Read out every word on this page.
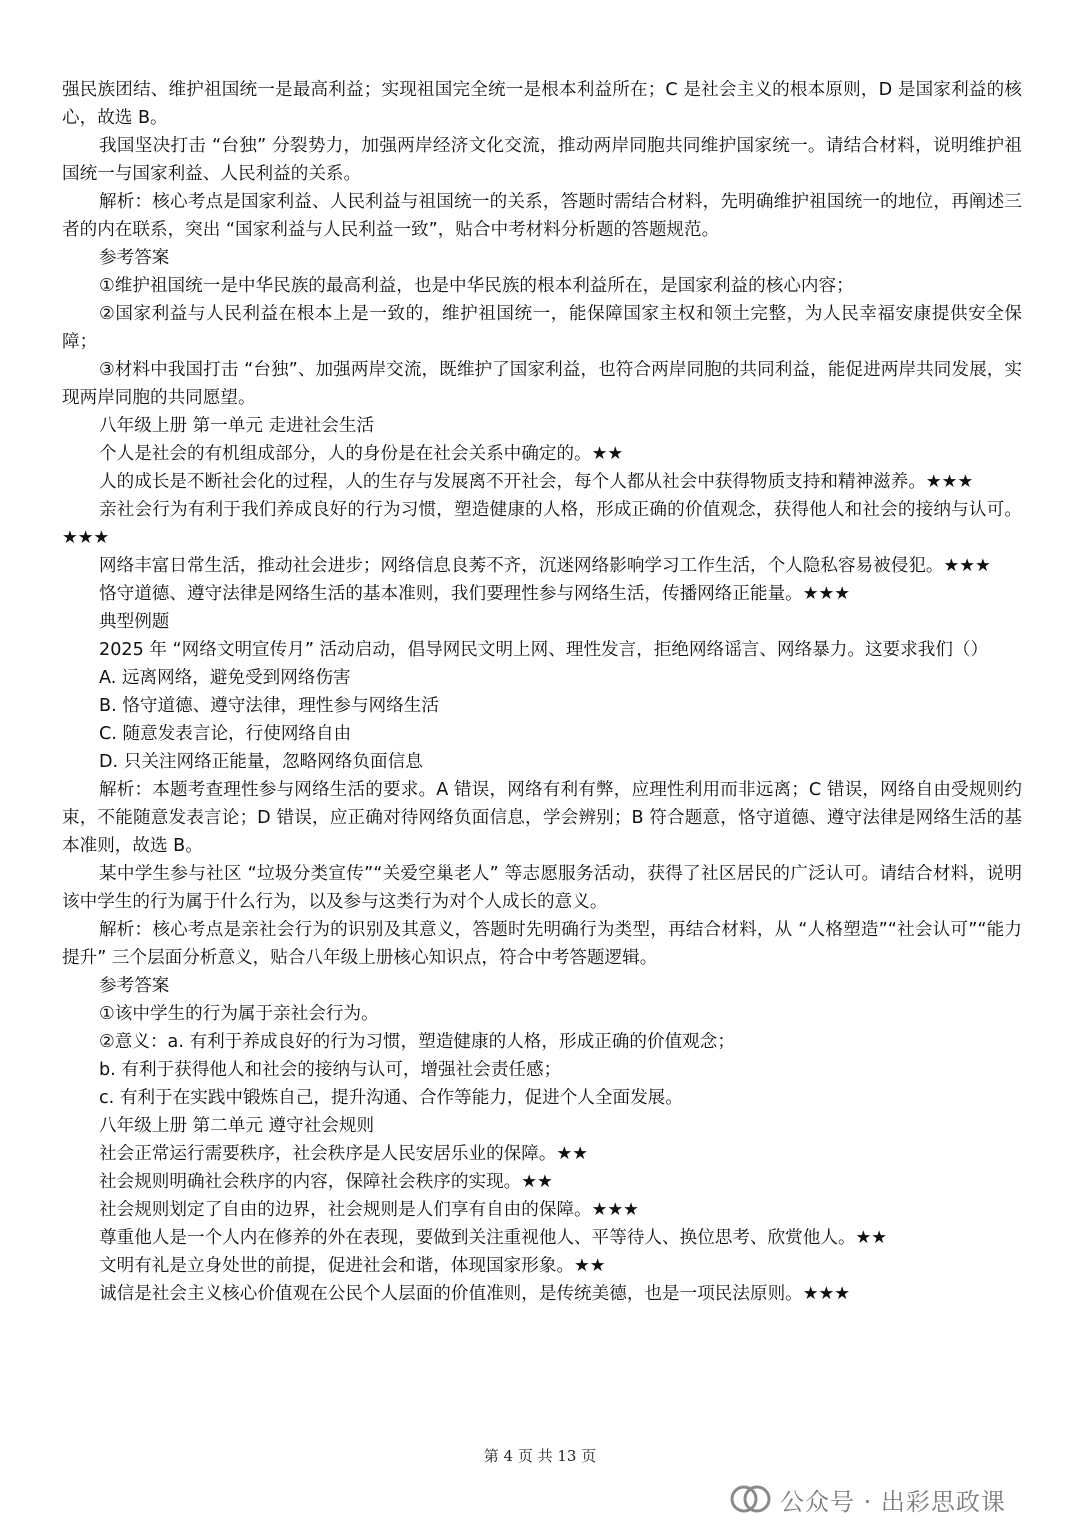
强民族团结、维护祖国统一是最高利益；实现祖国完全统一是根本利益所在；C 是社会主义的根本原则，D 是国家利益的核心，故选 B。

我国坚决打击 “台独” 分裂势力，加强两岸经济文化交流，推动两岸同胞共同维护国家统一。请结合材料，说明维护祖国统一与国家利益、人民利益的关系。

解析：核心考点是国家利益、人民利益与祖国统一的关系，答题时需结合材料，先明确维护祖国统一的地位，再阐述三者的内在联系，突出 “国家利益与人民利益一致”，贴合中考材料分析题的答题规范。

参考答案

①维护祖国统一是中华民族的最高利益，也是中华民族的根本利益所在，是国家利益的核心内容；

②国家利益与人民利益在根本上是一致的，维护祖国统一，能保障国家主权和领土完整，为人民幸福安康提供安全保障；

③材料中我国打击 “台独”、加强两岸交流，既维护了国家利益，也符合两岸同胞的共同利益，能促进两岸共同发展，实现两岸同胞的共同愿望。

八年级上册 第一单元 走进社会生活

个人是社会的有机组成部分，人的身份是在社会关系中确定的。★★

人的成长是不断社会化的过程，人的生存与发展离不开社会，每个人都从社会中获得物质支持和精神滋养。★★★

亲社会行为有利于我们养成良好的行为习惯，塑造健康的人格，形成正确的价值观念，获得他人和社会的接纳与认可。★★★

网络丰富日常生活，推动社会进步；网络信息良莠不齐，沉迷网络影响学习工作生活，个人隐私容易被侵犯。★★★

恪守道德、遵守法律是网络生活的基本准则，我们要理性参与网络生活，传播网络正能量。★★★

典型例题

2025 年 “网络文明宣传月” 活动启动，倡导网民文明上网、理性发言，拒绝网络谣言、网络暴力。这要求我们（）

A. 远离网络，避免受到网络伤害

B. 恪守道德、遵守法律，理性参与网络生活

C. 随意发表言论，行使网络自由

D. 只关注网络正能量，忽略网络负面信息

解析：本题考查理性参与网络生活的要求。A 错误，网络有利有弊，应理性利用而非远离；C 错误，网络自由受规则约束，不能随意发表言论；D 错误，应正确对待网络负面信息，学会辨别；B 符合题意，恪守道德、遵守法律是网络生活的基本准则，故选 B。

某中学生参与社区 “垃圾分类宣传”“关爱空巢老人” 等志愿服务活动，获得了社区居民的广泛认可。请结合材料，说明该中学生的行为属于什么行为，以及参与这类行为对个人成长的意义。

解析：核心考点是亲社会行为的识别及其意义，答题时先明确行为类型，再结合材料，从 “人格塑造”“社会认可”“能力提升” 三个层面分析意义，贴合八年级上册核心知识点，符合中考答题逻辑。

参考答案

①该中学生的行为属于亲社会行为。

②意义：a. 有利于养成良好的行为习惯，塑造健康的人格，形成正确的价值观念；

b. 有利于获得他人和社会的接纳与认可，增强社会责任感；

c. 有利于在实践中锻炼自己，提升沟通、合作等能力，促进个人全面发展。

八年级上册 第二单元 遵守社会规则

社会正常运行需要秩序，社会秩序是人民安居乐业的保障。★★

社会规则明确社会秩序的内容，保障社会秩序的实现。★★

社会规则划定了自由的边界，社会规则是人们享有自由的保障。★★★

尊重他人是一个人内在修养的外在表现，要做到关注重视他人、平等待人、换位思考、欣赏他人。★★

文明有礼是立身处世的前提，促进社会和谐，体现国家形象。★★

诚信是社会主义核心价值观在公民个人层面的价值准则，是传统美德，也是一项民法原则。★★★

第 4 页 共 13 页
公众号 · 出彩思政课
